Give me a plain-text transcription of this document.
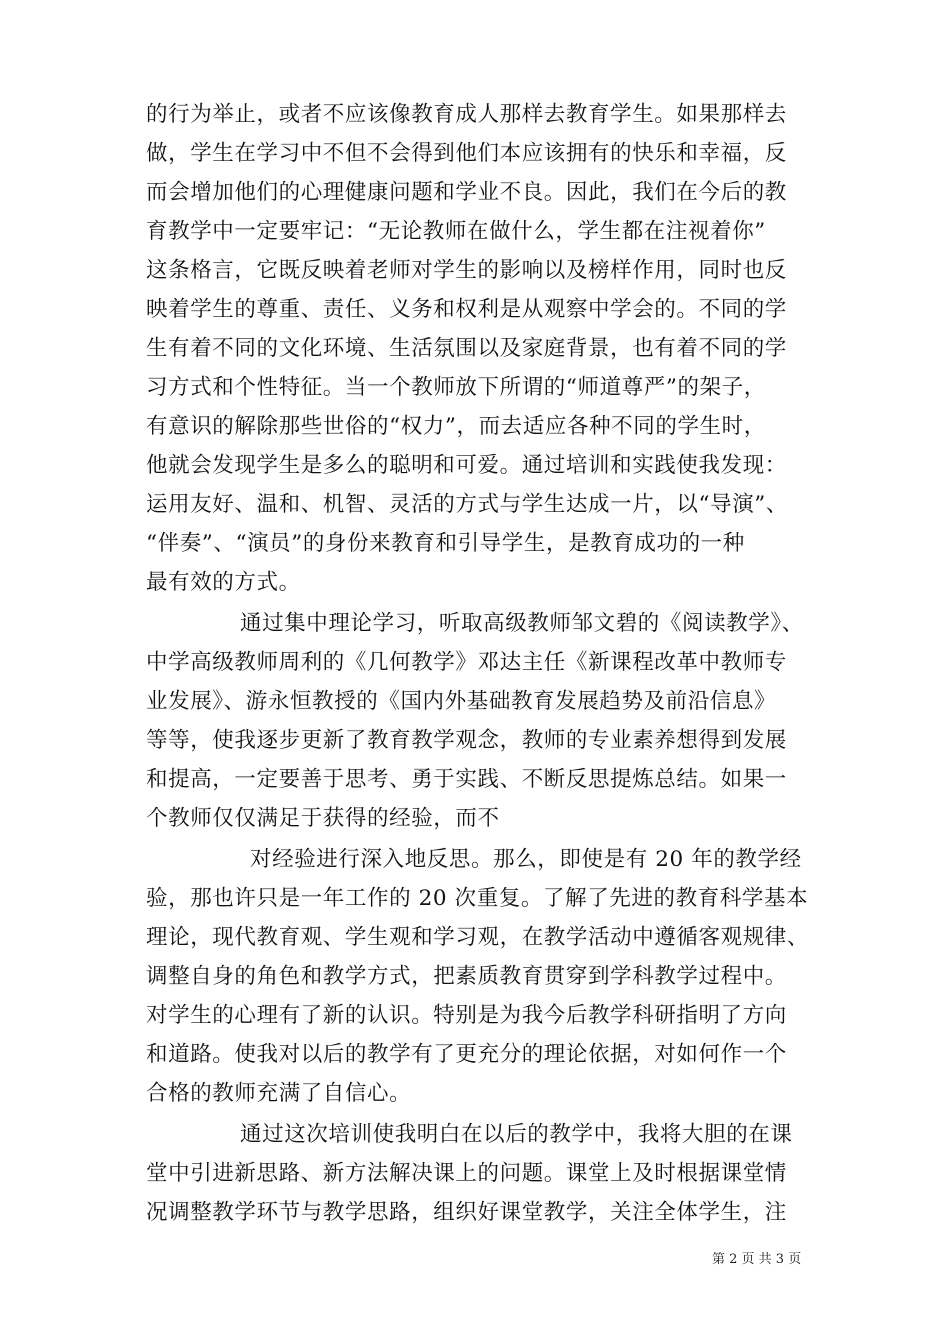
的行为举止，或者不应该像教育成人那样去教育学生。如果那样去
做，学生在学习中不但不会得到他们本应该拥有的快乐和幸福，反
而会增加他们的心理健康问题和学业不良。因此，我们在今后的教
育教学中一定要牢记：“无论教师在做什么，学生都在注视着你”
这条格言，它既反映着老师对学生的影响以及榜样作用，同时也反
映着学生的尊重、责任、义务和权利是从观察中学会的。不同的学
生有着不同的文化环境、生活氛围以及家庭背景，也有着不同的学
习方式和个性特征。当一个教师放下所谓的“师道尊严”的架子，
有意识的解除那些世俗的“权力”，而去适应各种不同的学生时，
他就会发现学生是多么的聪明和可爱。通过培训和实践使我发现：
运用友好、温和、机智、灵活的方式与学生达成一片，以“导演”、
“伴奏”、“演员”的身份来教育和引导学生，是教育成功的一种
最有效的方式。
通过集中理论学习，听取高级教师邹文碧的《阅读教学》、
中学高级教师周利的《几何教学》邓达主任《新课程改革中教师专
业发展》、游永恒教授的《国内外基础教育发展趋势及前沿信息》
等等，使我逐步更新了教育教学观念，教师的专业素养想得到发展
和提高，一定要善于思考、勇于实践、不断反思提炼总结。如果一
个教师仅仅满足于获得的经验，而不
对经验进行深入地反思。那么，即使是有 20 年的教学经
验，那也许只是一年工作的 20 次重复。了解了先进的教育科学基本
理论，现代教育观、学生观和学习观，在教学活动中遵循客观规律、
调整自身的角色和教学方式，把素质教育贯穿到学科教学过程中。
对学生的心理有了新的认识。特别是为我今后教学科研指明了方向
和道路。使我对以后的教学有了更充分的理论依据，对如何作一个
合格的教师充满了自信心。
通过这次培训使我明白在以后的教学中，我将大胆的在课
堂中引进新思路、新方法解决课上的问题。课堂上及时根据课堂情
况调整教学环节与教学思路，组织好课堂教学，关注全体学生，注
第 2 页 共 3 页
